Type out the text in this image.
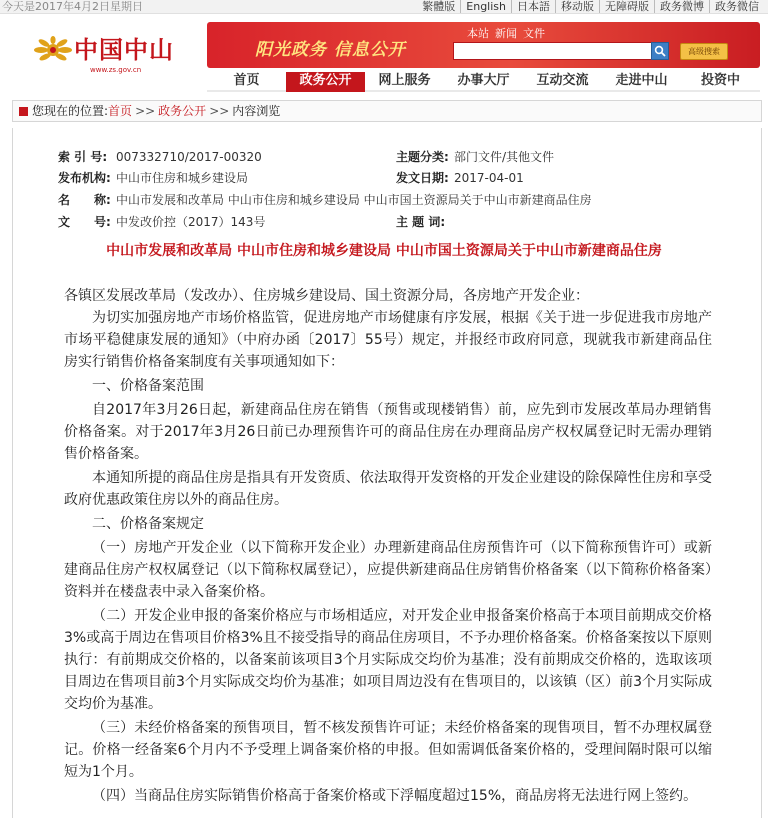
今天是2017年4月2日星期日	繁體版	English	日本語	移动版	无障碍版	政务微博	政务微信
中国中山
www.zs.gov.cn
阳光政务 信息公开
本站 新闻 文件
高级搜索
首页	政务公开	网上服务	办事大厅	互动交流	走进中山	投资中
您现在的位置: 首页 >> 政务公开 >> 内容浏览
索 引 号: 007332710/2017-00320	主题分类: 部门文件/其他文件
发布机构: 中山市住房和城乡建设局	发文日期: 2017-04-01
名　　称: 中山市发展和改革局 中山市住房和城乡建设局 中山市国土资源局关于中山市新建商品住房
文　　号: 中发改价控（2017）143号	主 题 词:
中山市发展和改革局 中山市住房和城乡建设局 中山市国土资源局关于中山市新建商品住房

各镇区发展改革局（发改办）、住房城乡建设局、国土资源分局，各房地产开发企业：

为切实加强房地产市场价格监管，促进房地产市场健康有序发展，根据《关于进一步促进我市房地产市场平稳健康发展的通知》（中府办函〔2017〕55号）规定，并报经市政府同意，现就我市新建商品住房实行销售价格备案制度有关事项通知如下：

一、价格备案范围

自2017年3月26日起，新建商品住房在销售（预售或现楼销售）前，应先到市发展改革局办理销售价格备案。对于2017年3月26日前已办理预售许可的商品住房在办理商品房产权权属登记时无需办理销售价格备案。

本通知所提的商品住房是指具有开发资质、依法取得开发资格的开发企业建设的除保障性住房和享受政府优惠政策住房以外的商品住房。

二、价格备案规定

（一）房地产开发企业（以下简称开发企业）办理新建商品住房预售许可（以下简称预售许可）或新建商品住房产权权属登记（以下简称权属登记），应提供新建商品住房销售价格备案（以下简称价格备案）资料并在楼盘表中录入备案价格。

（二）开发企业申报的备案价格应与市场相适应，对开发企业申报备案价格高于本项目前期成交价格3%或高于周边在售项目价格3%且不接受指导的商品住房项目，不予办理价格备案。价格备案按以下原则执行：有前期成交价格的，以备案前该项目3个月实际成交均价为基准；没有前期成交价格的，选取该项目周边在售项目前3个月实际成交均价为基准；如项目周边没有在售项目的，以该镇（区）前3个月实际成交均价为基准。

（三）未经价格备案的预售项目，暂不核发预售许可证；未经价格备案的现售项目，暂不办理权属登记。价格一经备案6个月内不予受理上调备案价格的申报。但如需调低备案价格的，受理间隔时限可以缩短为1个月。

（四）当商品住房实际销售价格高于备案价格或下浮幅度超过15%，商品房将无法进行网上签约。
